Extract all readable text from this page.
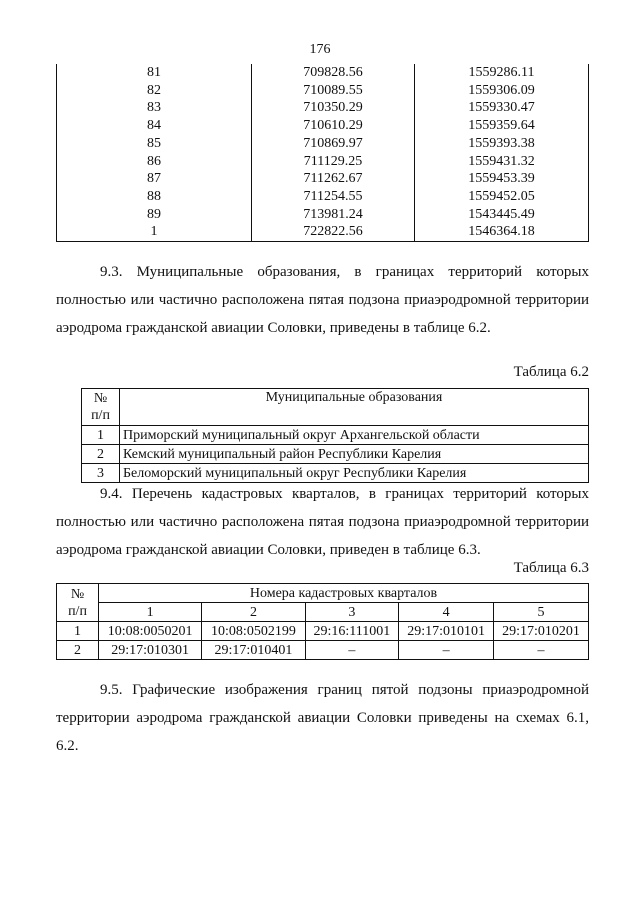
176
81	709828.56	1559286.11
82	710089.55	1559306.09
83	710350.29	1559330.47
84	710610.29	1559359.64
85	710869.97	1559393.38
86	711129.25	1559431.32
87	711262.67	1559453.39
88	711254.55	1559452.05
89	713981.24	1543445.49
1	722822.56	1546364.18

9.3. Муниципальные образования, в границах территорий которых полностью или частично расположена пятая подзона приаэродромной территории аэродрома гражданской авиации Соловки, приведены в таблице 6.2.

Таблица 6.2

№
п/п	Муниципальные образования
1	Приморский муниципальный округ Архангельской области
2	Кемский муниципальный район Республики Карелия
3	Беломорский муниципальный округ Республики Карелия

9.4. Перечень кадастровых кварталов, в границах территорий которых полностью или частично расположена пятая подзона приаэродромной территории аэродрома гражданской авиации Соловки, приведен в таблице 6.3.

Таблица 6.3

№
п/п	Номера кадастровых кварталов				
	1	2	3	4	5
1	10:08:0050201	10:08:0502199	29:16:111001	29:17:010101	29:17:010201
2	29:17:010301	29:17:010401	–	–	–

9.5. Графические изображения границ пятой подзоны приаэродромной территории аэродрома гражданской авиации Соловки приведены на схемах 6.1, 6.2.
